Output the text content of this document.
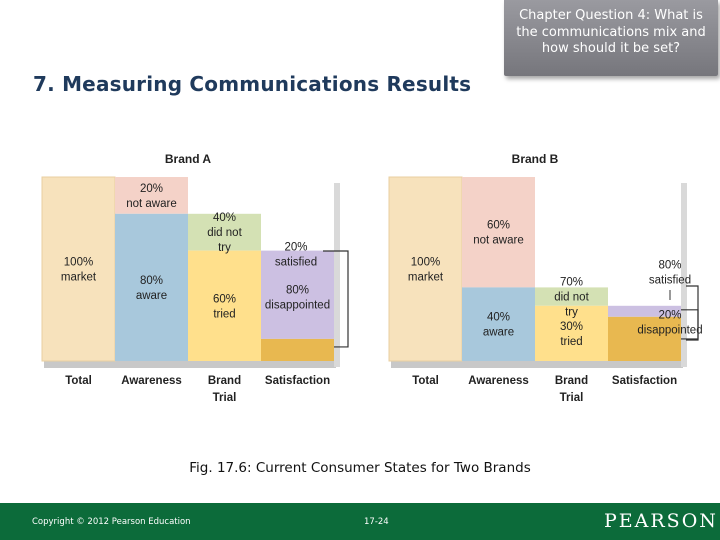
7. Measuring Communications Results
Chapter Question 4: What is the communications mix and how should it be set?
Brand A
100%
market
20%
not aware
80%
aware
40%
did not
try
60%
tried
80%
disappointed
20%
satisfied
Total	Awareness Brand
Trial
Satisfaction
Brand B
100%
market
60%
not aware
40%
aware
70%
did not
try
30%
tried
80%
satisfied
20%
disappointed
Total	Awareness Brand
Trial
Satisfaction
Fig. 17.6: Current Consumer States for Two Brands
Copyright © 2012 Pearson Education	17-24	PEARSON
